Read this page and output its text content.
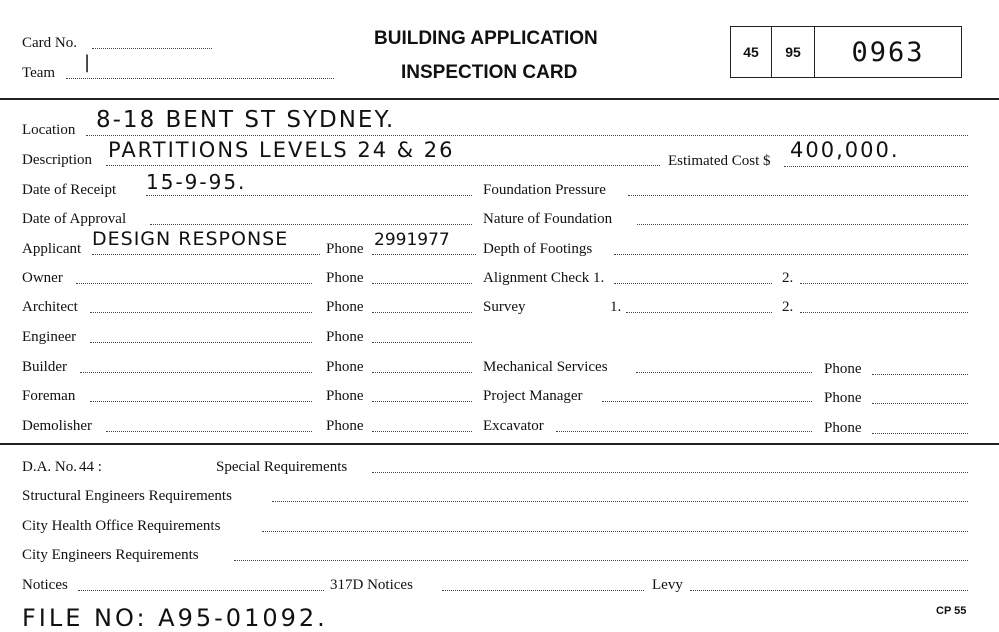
Card No.
Team |
BUILDING APPLICATION
INSPECTION CARD
45	95	0963
Location 8-18 BENT ST SYDNEY.
Description PARTITIONS LEVELS 24 & 26	Estimated Cost $ 400,000.
Date of Receipt 15-9-95.	Foundation Pressure
Date of Approval	Nature of Foundation
Applicant DESIGN RESPONSE	Phone 2991977 Depth of Footings
Owner	Phone	Alignment Check 1.	2.
Architect	Phone	Survey	1.	2.
Engineer	Phone
Builder	Phone	Mechanical Services	Phone
Foreman	Phone	Project Manager	Phone
Demolisher	Phone	Excavator	Phone
D.A. No. 44 :	Special Requirements
Structural Engineers Requirements
City Health Office Requirements
City Engineers Requirements
Notices	317D Notices	Levy
FILE NO: A95-01092.	CP 55
